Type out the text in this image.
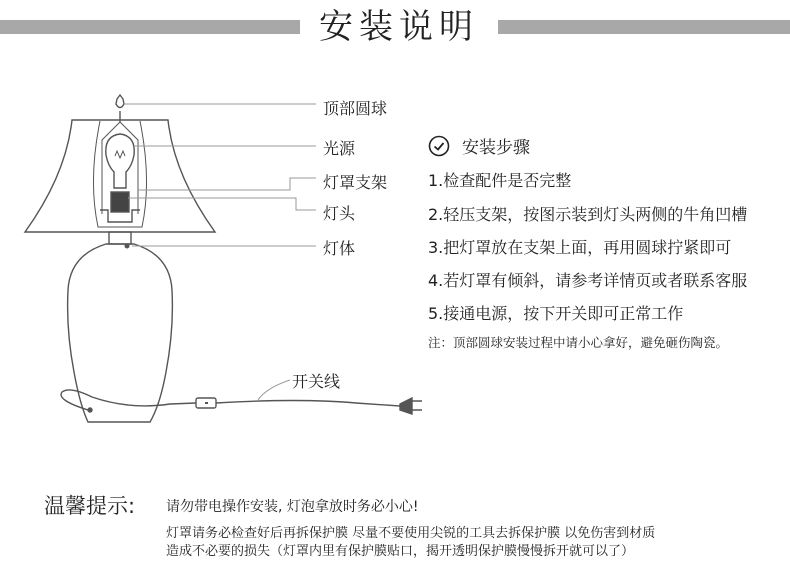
安装说明
顶部圆球
光源
灯罩支架
灯头
灯体
开关线
安装步骤
1.检查配件是否完整
2.轻压支架，按图示装到灯头两侧的牛角凹槽
3.把灯罩放在支架上面，再用圆球拧紧即可
4.若灯罩有倾斜，请参考详情页或者联系客服
5.接通电源，按下开关即可正常工作
注：顶部圆球安装过程中请小心拿好，避免砸伤陶瓷。
温馨提示: 请勿带电操作安装, 灯泡拿放时务必小心!
灯罩请务必检查好后再拆保护膜 尽量不要使用尖锐的工具去拆保护膜 以免伤害到材质
造成不必要的损失（灯罩内里有保护膜贴口，揭开透明保护膜慢慢拆开就可以了）
